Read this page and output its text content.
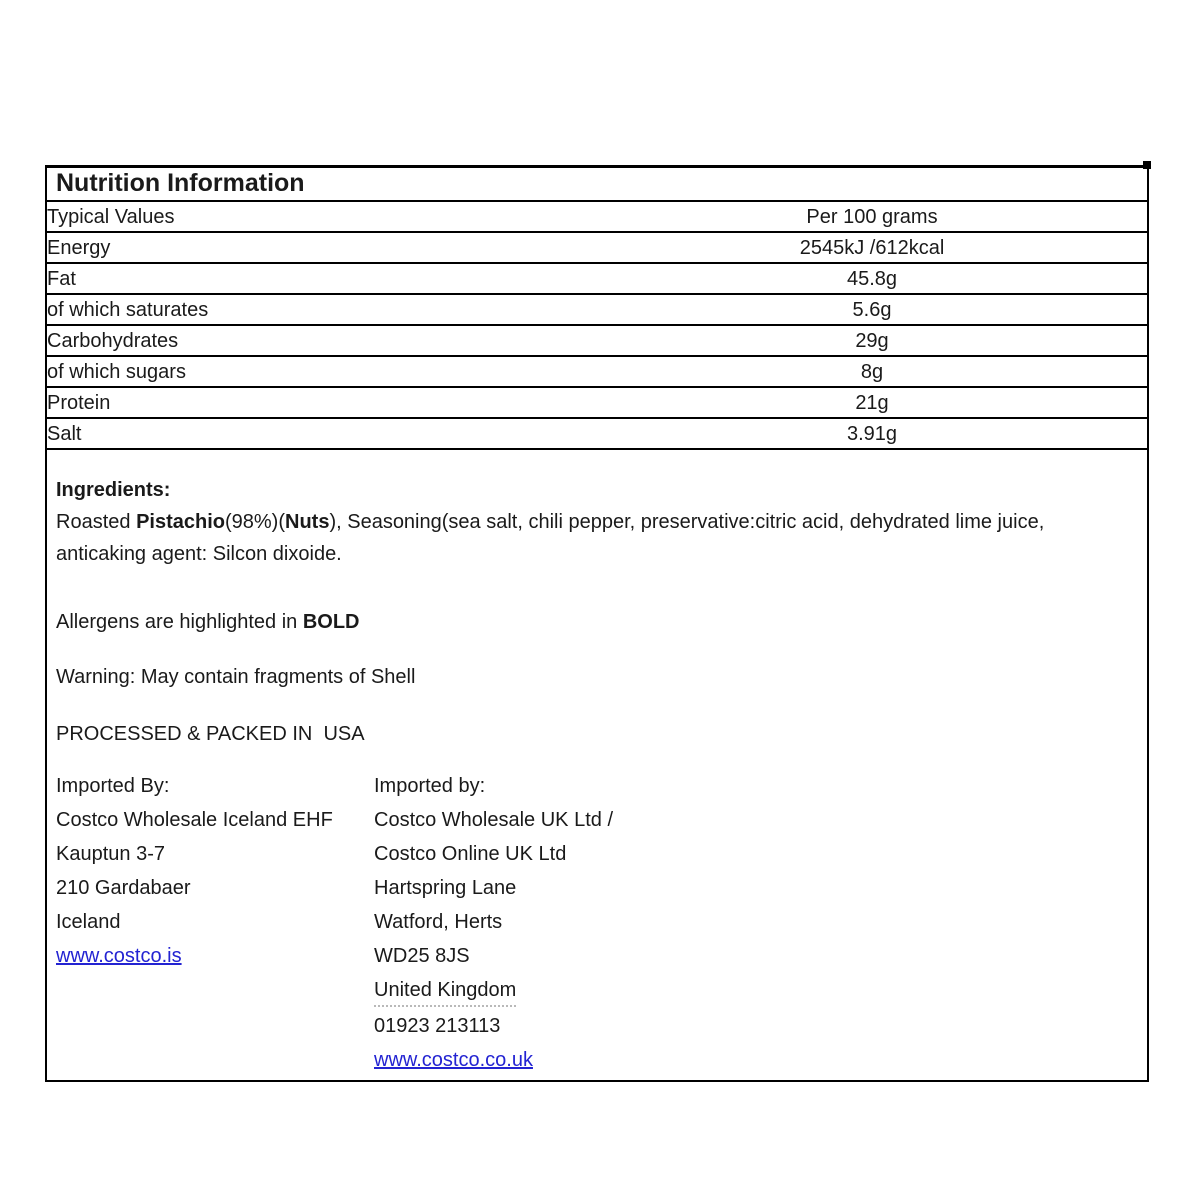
Nutrition Information	
Typical Values	Per 100 grams
Energy	2545kJ /612kcal
Fat	45.8g
of which saturates	5.6g
Carbohydrates	29g
of which sugars	8g
Protein	21g
Salt	3.91g

Ingredients:

Roasted Pistachio(98%)(Nuts), Seasoning(sea salt, chili pepper, preservative:citric acid, dehydrated lime juice, anticaking agent: Silcon dixoide.

Allergens are highlighted in BOLD

Warning: May contain fragments of Shell

PROCESSED & PACKED IN  USA

Imported By:
Costco Wholesale Iceland EHF
Kauptun 3-7
210 Gardabaer
Iceland
www.costco.is
Imported by:
Costco Wholesale UK Ltd /
Costco Online UK Ltd
Hartspring Lane
Watford, Herts
WD25 8JS
United Kingdom
01923 213113
www.costco.co.uk
